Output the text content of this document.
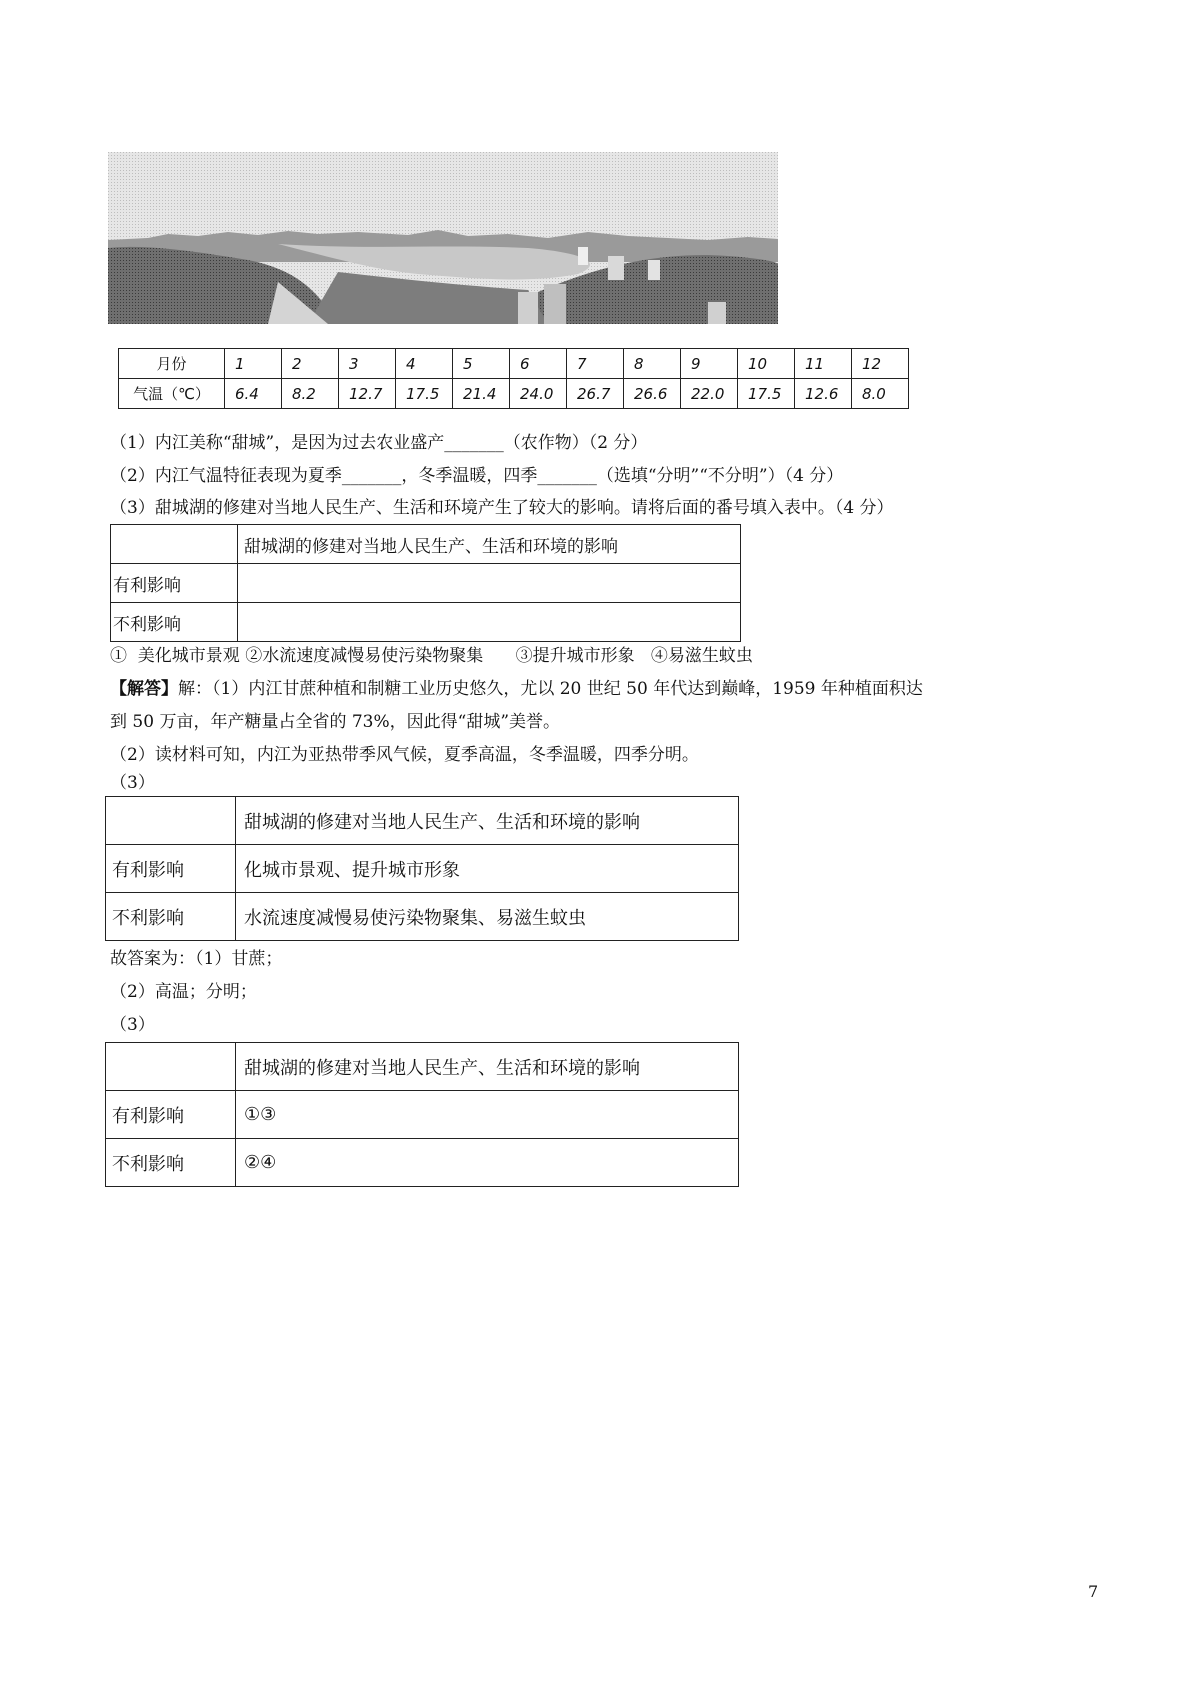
月份	1	2	3	4	5	6	7	8	9	10	11	12
气温（℃）	6.4	8.2	12.7	17.5	21.4	24.0	26.7	26.6	22.0	17.5	12.6	8.0
（1）内江美称“甜城”，是因为过去农业盛产_______（农作物）（2 分）
（2）内江气温特征表现为夏季_______，冬季温暖，四季_______（选填“分明”“不分明”）（4 分）
（3）甜城湖的修建对当地人民生产、生活和环境产生了较大的影响。请将后面的番号填入表中。（4 分）
	甜城湖的修建对当地人民生产、生活和环境的影响
有利影响	
不利影响	
①  美化城市景观 ②水流速度减慢易使污染物聚集      ③提升城市形象   ④易滋生蚊虫
【解答】解：（1）内江甘蔗种植和制糖工业历史悠久，尤以 20 世纪 50 年代达到巅峰，1959 年种植面积达
到 50 万亩，年产糖量占全省的 73%，因此得“甜城”美誉。
（2）读材料可知，内江为亚热带季风气候，夏季高温，冬季温暖，四季分明。
（3）
	甜城湖的修建对当地人民生产、生活和环境的影响
有利影响	化城市景观、提升城市形象
不利影响	水流速度减慢易使污染物聚集、易滋生蚊虫
故答案为：（1）甘蔗；
（2）高温；分明；
（3）
	甜城湖的修建对当地人民生产、生活和环境的影响
有利影响	①③
不利影响	②④
7
